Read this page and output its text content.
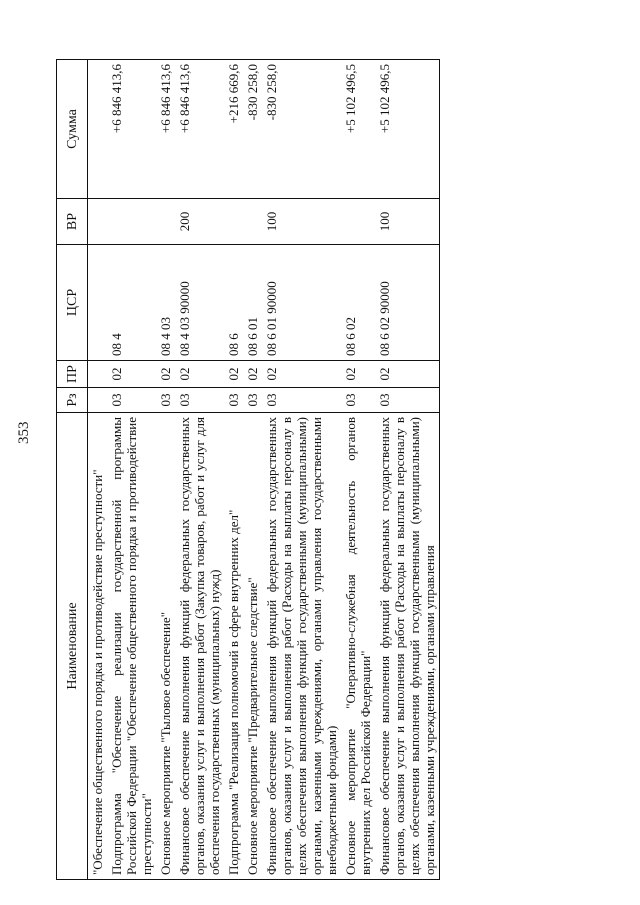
353
Наименование	Рз	ПР	ЦСР	ВР	Сумма
"Обеспечение общественного порядка и противодействие преступности"					
Подпрограмма "Обеспечение реализации государственной программы Российской Федерации "Обеспечение общественного порядка и противодействие преступности"	03	02	08 4		+6 846 413,6
Основное мероприятие "Тыловое обеспечение"	03	02	08 4 03		+6 846 413,6
Финансовое обеспечение выполнения функций федеральных государственных органов, оказания услуг и выполнения работ (Закупка товаров, работ и услуг для обеспечения государственных (муниципальных) нужд)	03	02	08 4 03 90000	200	+6 846 413,6
Подпрограмма "Реализация полномочий в сфере внутренних дел"	03	02	08 6		+216 669,6
Основное мероприятие "Предварительное следствие"	03	02	08 6 01		-830 258,0
Финансовое обеспечение выполнения функций федеральных государственных органов, оказания услуг и выполнения работ (Расходы на выплаты персоналу в целях обеспечения выполнения функций государственными (муниципальными) органами, казенными учреждениями, органами управления государственными внебюджетными фондами)	03	02	08 6 01 90000	100	-830 258,0
Основное мероприятие "Оперативно-служебная деятельность органов внутренних дел Российской Федерации"	03	02	08 6 02		+5 102 496,5
Финансовое обеспечение выполнения функций федеральных государственных органов, оказания услуг и выполнения работ (Расходы на выплаты персоналу в целях обеспечения выполнения функций государственными (муниципальными) органами, казенными учреждениями, органами управления	03	02	08 6 02 90000	100	+5 102 496,5
